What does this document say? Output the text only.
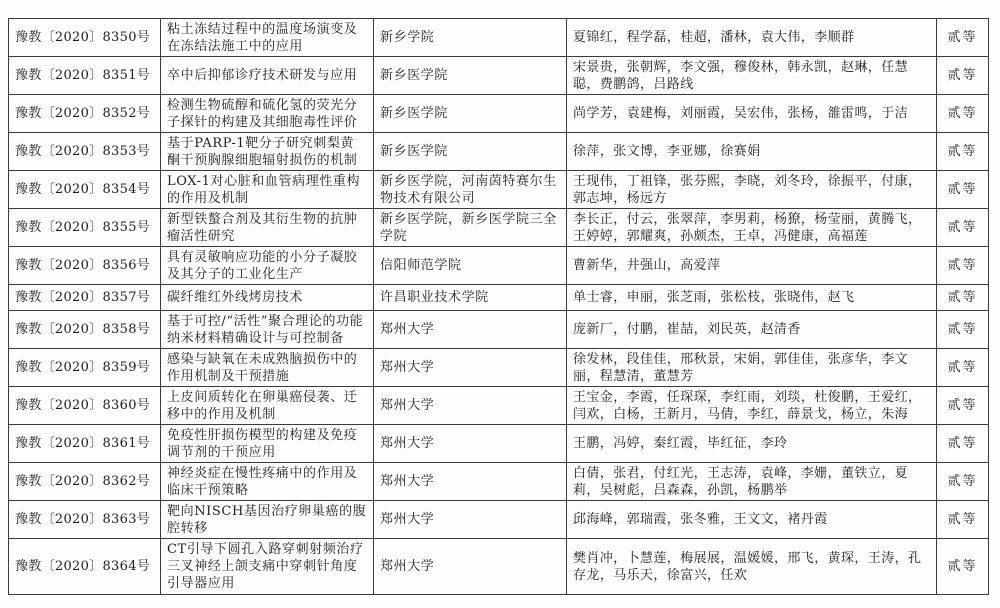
豫教〔2020〕8350号	粘土冻结过程中的温度场演变及在冻结法施工中的应用	新乡学院	夏锦红，程学磊，桂超，潘林，袁大伟，李顺群	贰等
豫教〔2020〕8351号	卒中后抑郁诊疗技术研发与应用	新乡医学院	宋景贵，张朝辉，李文强，穆俊林，韩永凯，赵琳，任慧聪，费鹏鸽，吕路线	贰等
豫教〔2020〕8352号	检测生物硫醇和硫化氢的荧光分子探针的构建及其细胞毒性评价	新乡医学院	尚学芳，袁建梅，刘丽霞，吴宏伟，张杨，雒雷鸣，于洁	贰等
豫教〔2020〕8353号	基于PARP-1靶分子研究刺梨黄酮干预胸腺细胞辐射损伤的机制	新乡医学院	徐萍，张文博，李亚娜，徐赛娟	贰等
豫教〔2020〕8354号	LOX-1对心脏和血管病理性重构的作用及机制	新乡医学院，河南茵特赛尔生物技术有限公司	王现伟，丁祖锋，张芬熙，李晓，刘冬玲，徐振平，付康，郭志坤，杨远方	贰等
豫教〔2020〕8355号	新型铁螯合剂及其衍生物的抗肿瘤活性研究	新乡医学院，新乡医学院三全学院	李长正，付云，张翠萍，李男莉，杨獠，杨莹丽，黄腾飞，王婷婷，郭耀爽，孙颇杰，王卓，冯健康，高福莲	贰等
豫教〔2020〕8356号	具有灵敏响应功能的小分子凝胶及其分子的工业化生产	信阳师范学院	曹新华，井强山，高爱萍	贰等
豫教〔2020〕8357号	碳纤维红外线烤房技术	许昌职业技术学院	单士睿，申丽，张芝雨，张松枝，张晓伟，赵飞	贰等
豫教〔2020〕8358号	基于可控/“活性”聚合理论的功能纳米材料精确设计与可控制备	郑州大学	庞新厂，付鹏，崔喆，刘民英，赵清香	贰等
豫教〔2020〕8359号	感染与缺氧在未成熟脑损伤中的作用机制及干预措施	郑州大学	徐发林，段佳佳，邢秋景，宋娟，郭佳佳，张彦华，李文丽，程慧清，董慧芳	贰等
豫教〔2020〕8360号	上皮间质转化在卵巢癌侵袭、迁移中的作用及机制	郑州大学	王宝金，李霞，任琛琛，李红雨，刘琰，杜俊鹏，王爱红，闫欢，白杨，王新月，马倩，李红，薛景戈，杨立，朱海	贰等
豫教〔2020〕8361号	免疫性肝损伤模型的构建及免疫调节剂的干预应用	郑州大学	王鹏，冯婷，秦红霞，毕红征，李玲	贰等
豫教〔2020〕8362号	神经炎症在慢性疼痛中的作用及临床干预策略	郑州大学	白倩，张君，付红光，王志涛，袁峰，李姗，董铁立，夏莉，吴树彪，吕森森，孙凯，杨鹏举	贰等
豫教〔2020〕8363号	靶向NISCH基因治疗卵巢癌的腹腔转移	郑州大学	邱海峰，郭瑞霞，张冬雅，王文文，褚丹霞	贰等
豫教〔2020〕8364号	CT引导下圆孔入路穿刺射频治疗三叉神经上颌支痛中穿刺针角度引导器应用	郑州大学	樊肖冲，卜慧莲，梅展展，温媛媛，邢飞，黄琛，王涛，孔存龙，马乐天，徐富兴，任欢	贰等
